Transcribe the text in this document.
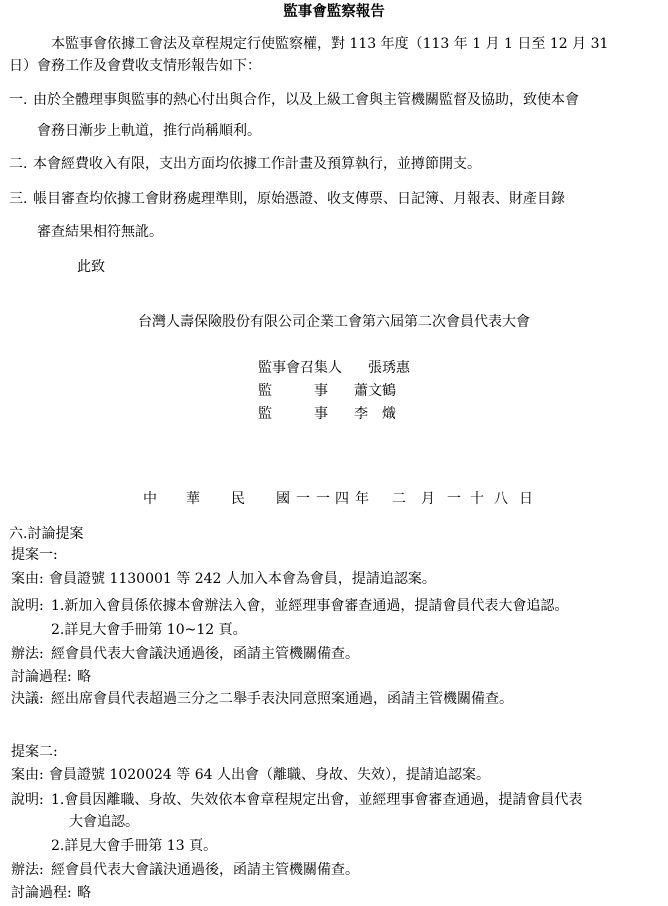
監事會監察報告
本監事會依據工會法及章程規定行使監察權，對 113 年度（113 年 1 月 1 日至 12 月 31
日）會務工作及會費收支情形報告如下：
一. 由於全體理事與監事的熱心付出與合作，以及上級工會與主管機關監督及協助，致使本會
會務日漸步上軌道，推行尚稱順利。
二. 本會經費收入有限，支出方面均依據工作計畫及預算執行，並撙節開支。
三. 帳目審查均依據工會財務處理準則，原始憑證、收支傳票、日記簿、月報表、財產目錄
審查結果相符無訛。
此致
台灣人壽保險股份有限公司企業工會第六屆第二次會員代表大會
監事會召集人 張琇惠
監　　　事 蕭文鶴
監　　　事 李　熾
中 華 民 國 一 一 四 年 二 月 一 十 八 日
六.討論提案
提案一:
案由: 會員證號 1130001 等 242 人加入本會為會員，提請追認案。
說明: 1.新加入會員係依據本會辦法入會，並經理事會審查通過，提請會員代表大會追認。
2.詳見大會手冊第 10~12 頁。
辦法: 經會員代表大會議決通過後，函請主管機關備查。
討論過程: 略
決議: 經出席會員代表超過三分之二舉手表決同意照案通過，函請主管機關備查。
提案二:
案由: 會員證號 1020024 等 64 人出會（離職、身故、失效），提請追認案。
說明: 1.會員因離職、身故、失效依本會章程規定出會，並經理事會審查通過，提請會員代表
大會追認。
2.詳見大會手冊第 13 頁。
辦法: 經會員代表大會議決通過後，函請主管機關備查。
討論過程: 略
